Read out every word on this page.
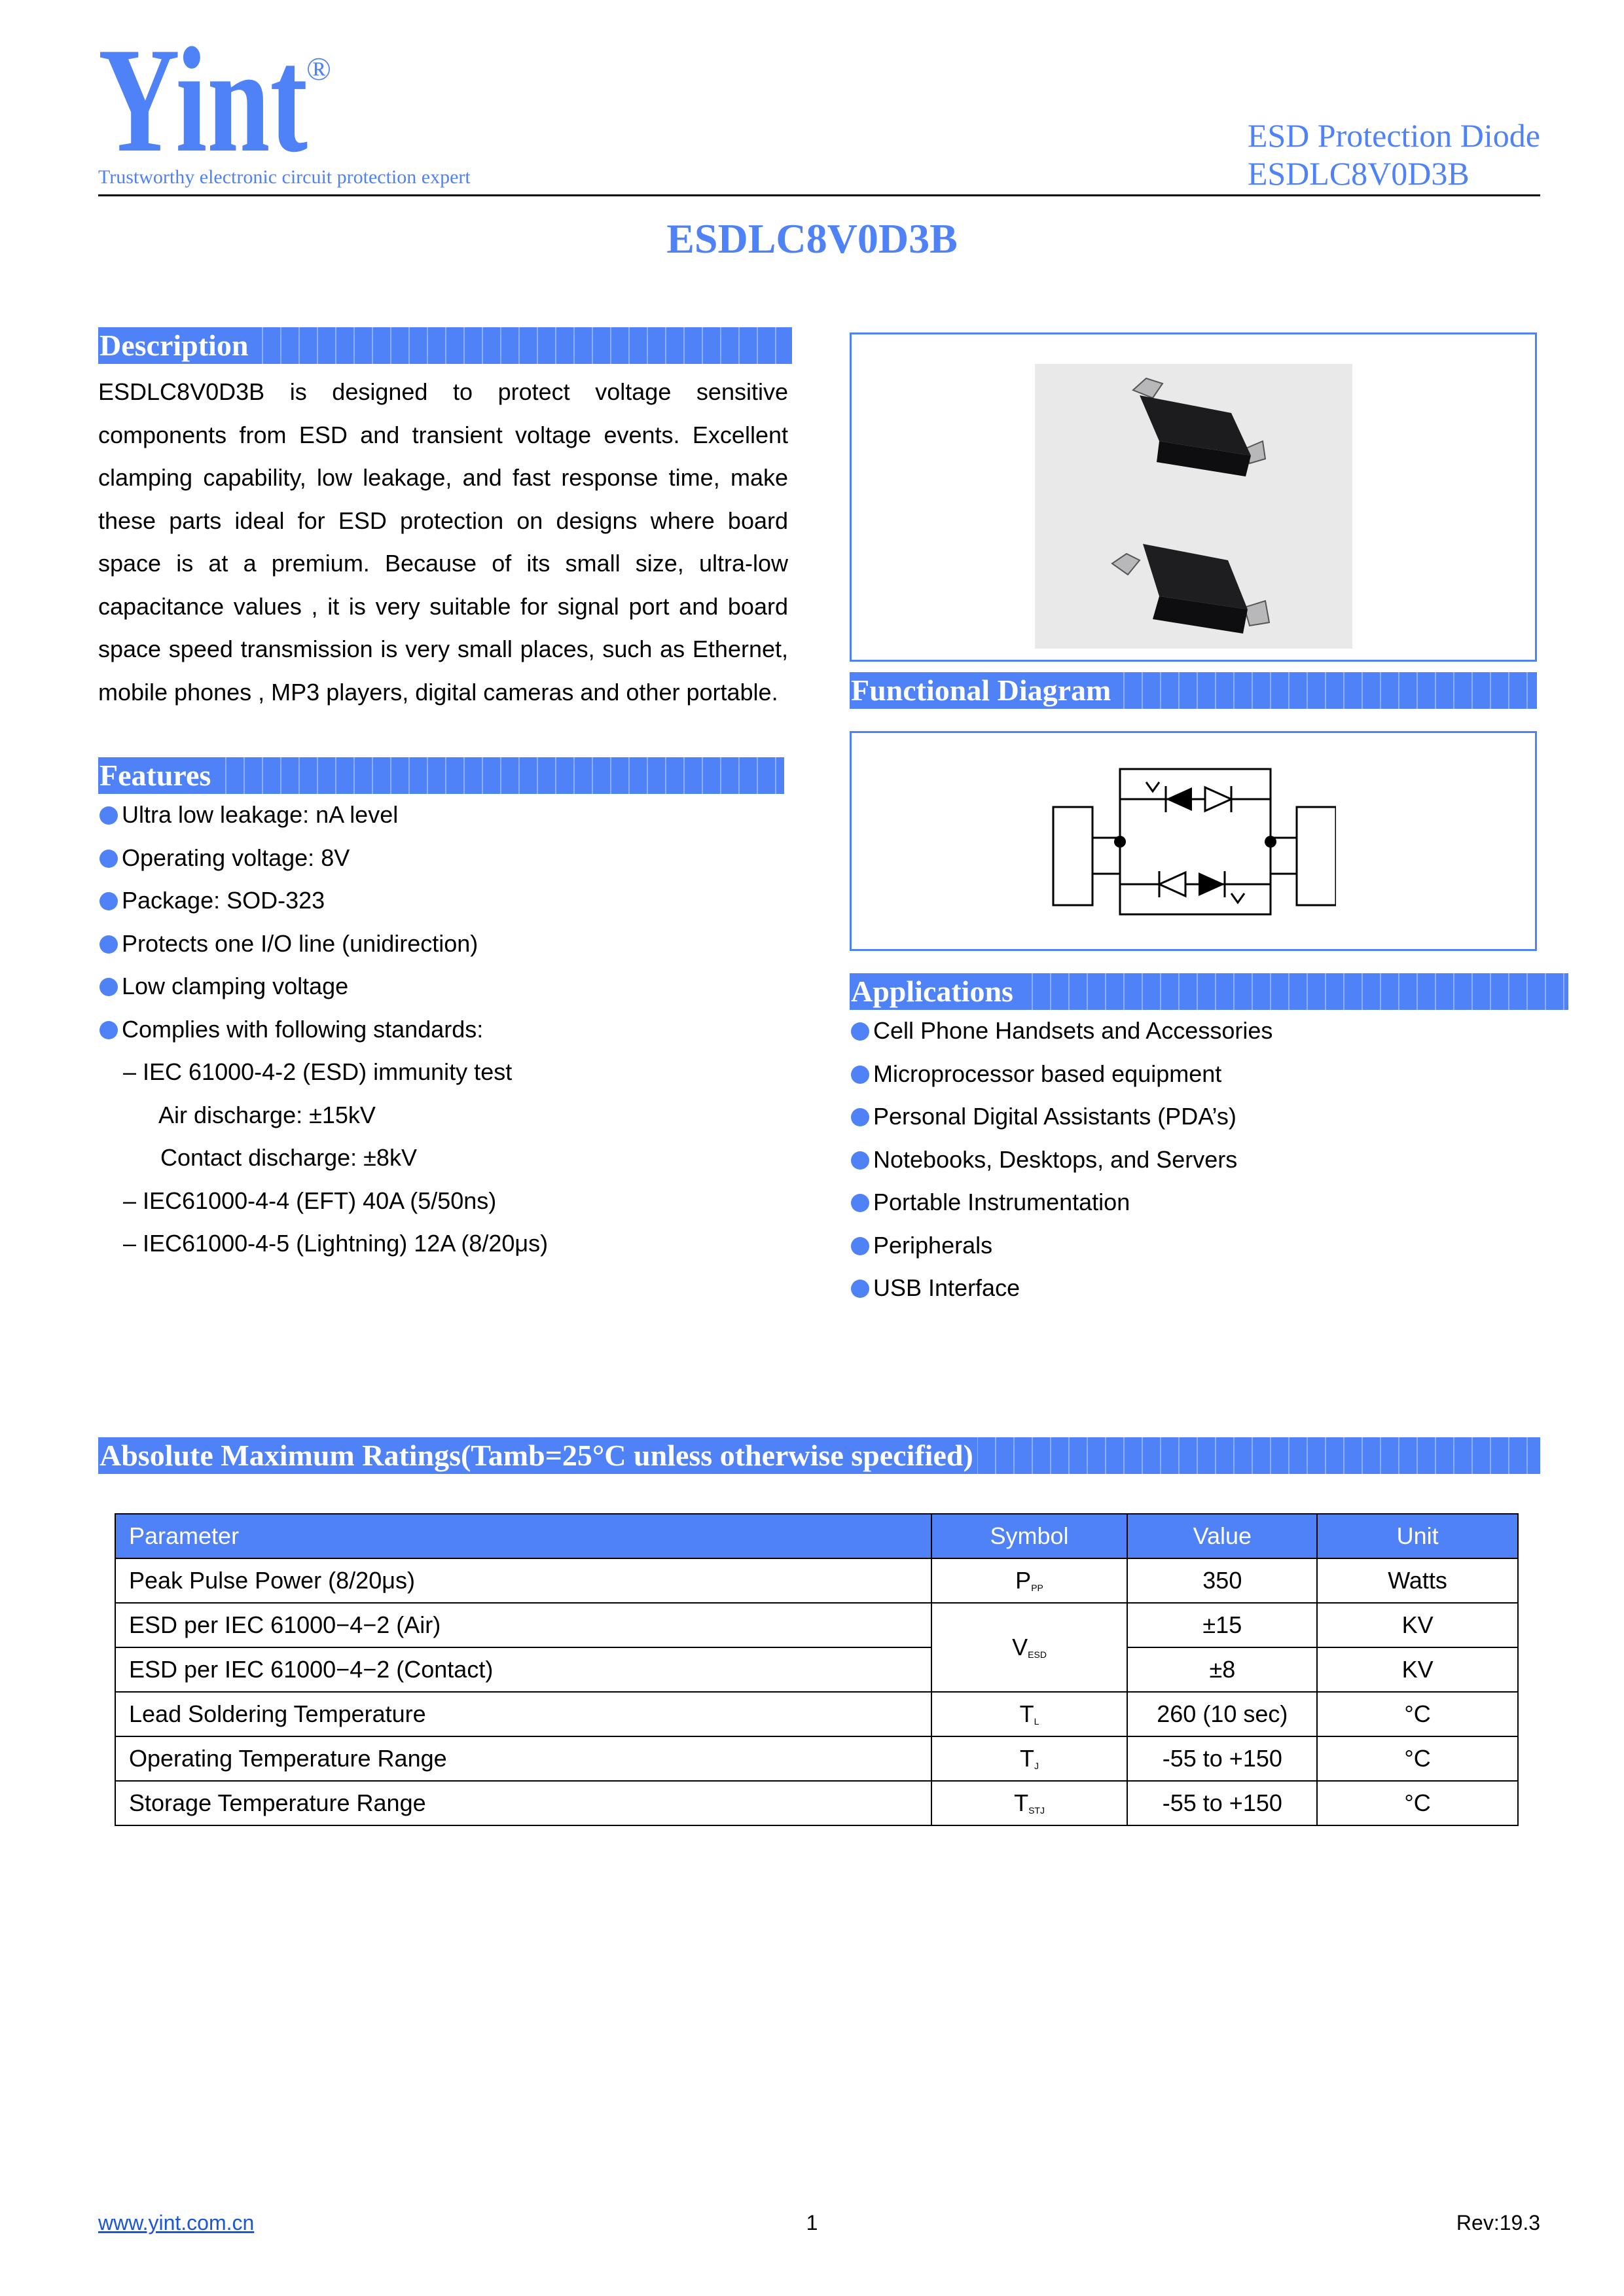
Yint
®
Trustworthy electronic circuit protection expert
ESD Protection Diode
ESDLC8V0D3B
ESDLC8V0D3B
Description
ESDLC8V0D3B is designed to protect voltage sensitive components from ESD and transient voltage events. Excellent clamping capability, low leakage, and fast response time, make these parts ideal for ESD protection on designs where board space is at a premium. Because of its small size, ultra-low capacitance values , it is very suitable for signal port and board space speed transmission is very small places, such as Ethernet, mobile phones , MP3 players, digital cameras and other portable.
Features
Ultra low leakage: nA level
Operating voltage: 8V
Package: SOD-323
Protects one I/O line (unidirection)
Low clamping voltage
Complies with following standards:
– IEC 61000-4-2 (ESD) immunity test
Air discharge: ±15kV
Contact discharge: ±8kV
– IEC61000-4-4 (EFT) 40A (5/50ns)
– IEC61000-4-5 (Lightning) 12A (8/20μs)
Functional Diagram
Applications
Cell Phone Handsets and Accessories
Microprocessor based equipment
Personal Digital Assistants (PDA’s)
Notebooks, Desktops, and Servers
Portable Instrumentation
Peripherals
USB Interface
Absolute Maximum Ratings(Tamb=25°C unless otherwise specified)
Parameter	Symbol	Value	Unit
Peak Pulse Power (8/20μs)	$P_{PP}$	350	Watts
ESD per IEC 61000−4−2 (Air)	$V_{ESD}$	±15	KV
ESD per IEC 61000−4−2 (Contact)		±8	KV
Lead Soldering Temperature	$T_L$	260 (10 sec)	°C
Operating Temperature Range	$T_J$	-55 to +150	°C
Storage Temperature Range	$T_{STJ}$	-55 to +150	°C
www.yint.com.cn	1	Rev:19.3
